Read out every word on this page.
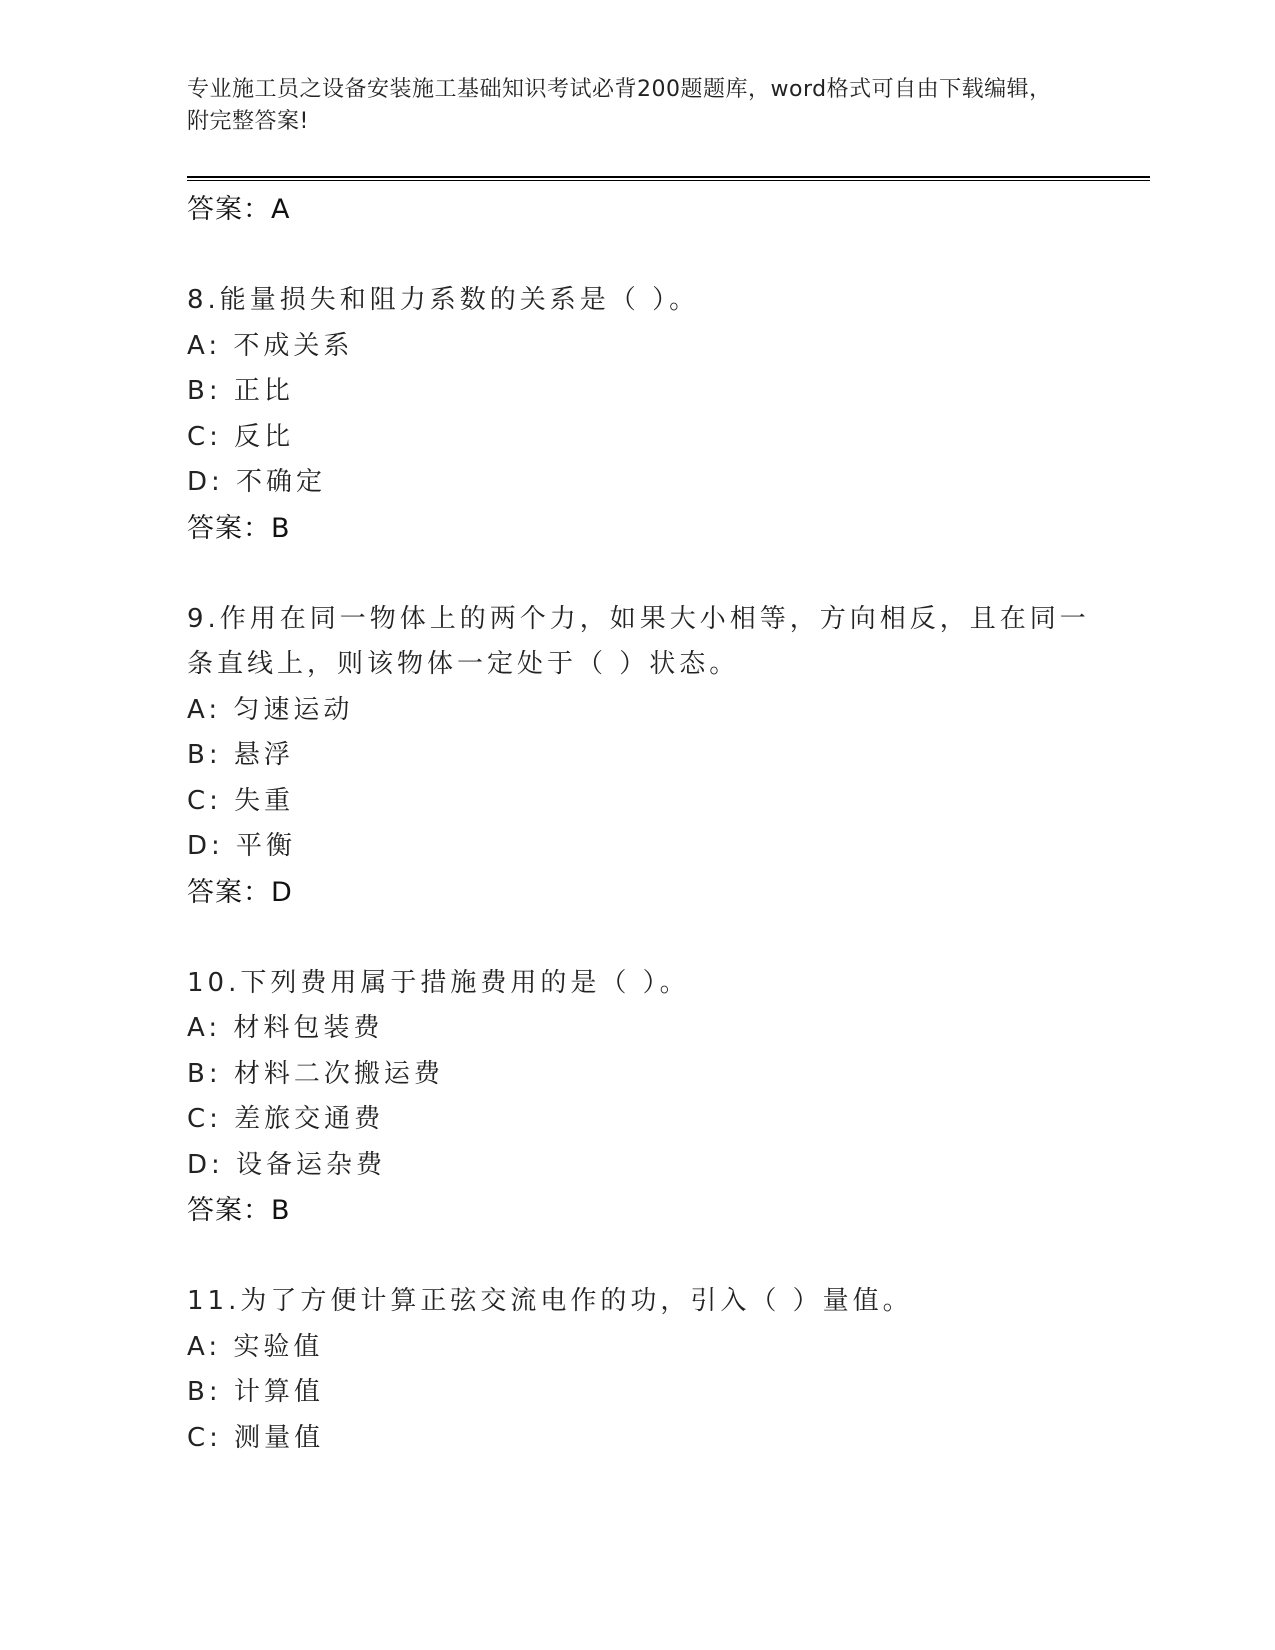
专业施工员之设备安装施工基础知识考试必背200题题库，word格式可自由下载编辑，附完整答案!
答案：A
8.能量损失和阻力系数的关系是（ ）。
A: 不成关系
B: 正比
C: 反比
D: 不确定
答案：B
9.作用在同一物体上的两个力，如果大小相等，方向相反，且在同一
条直线上，则该物体一定处于（ ）状态。
A: 匀速运动
B: 悬浮
C: 失重
D: 平衡
答案：D
10.下列费用属于措施费用的是（ ）。
A: 材料包装费
B: 材料二次搬运费
C: 差旅交通费
D: 设备运杂费
答案：B
11.为了方便计算正弦交流电作的功，引入（ ）量值。
A: 实验值
B: 计算值
C: 测量值
